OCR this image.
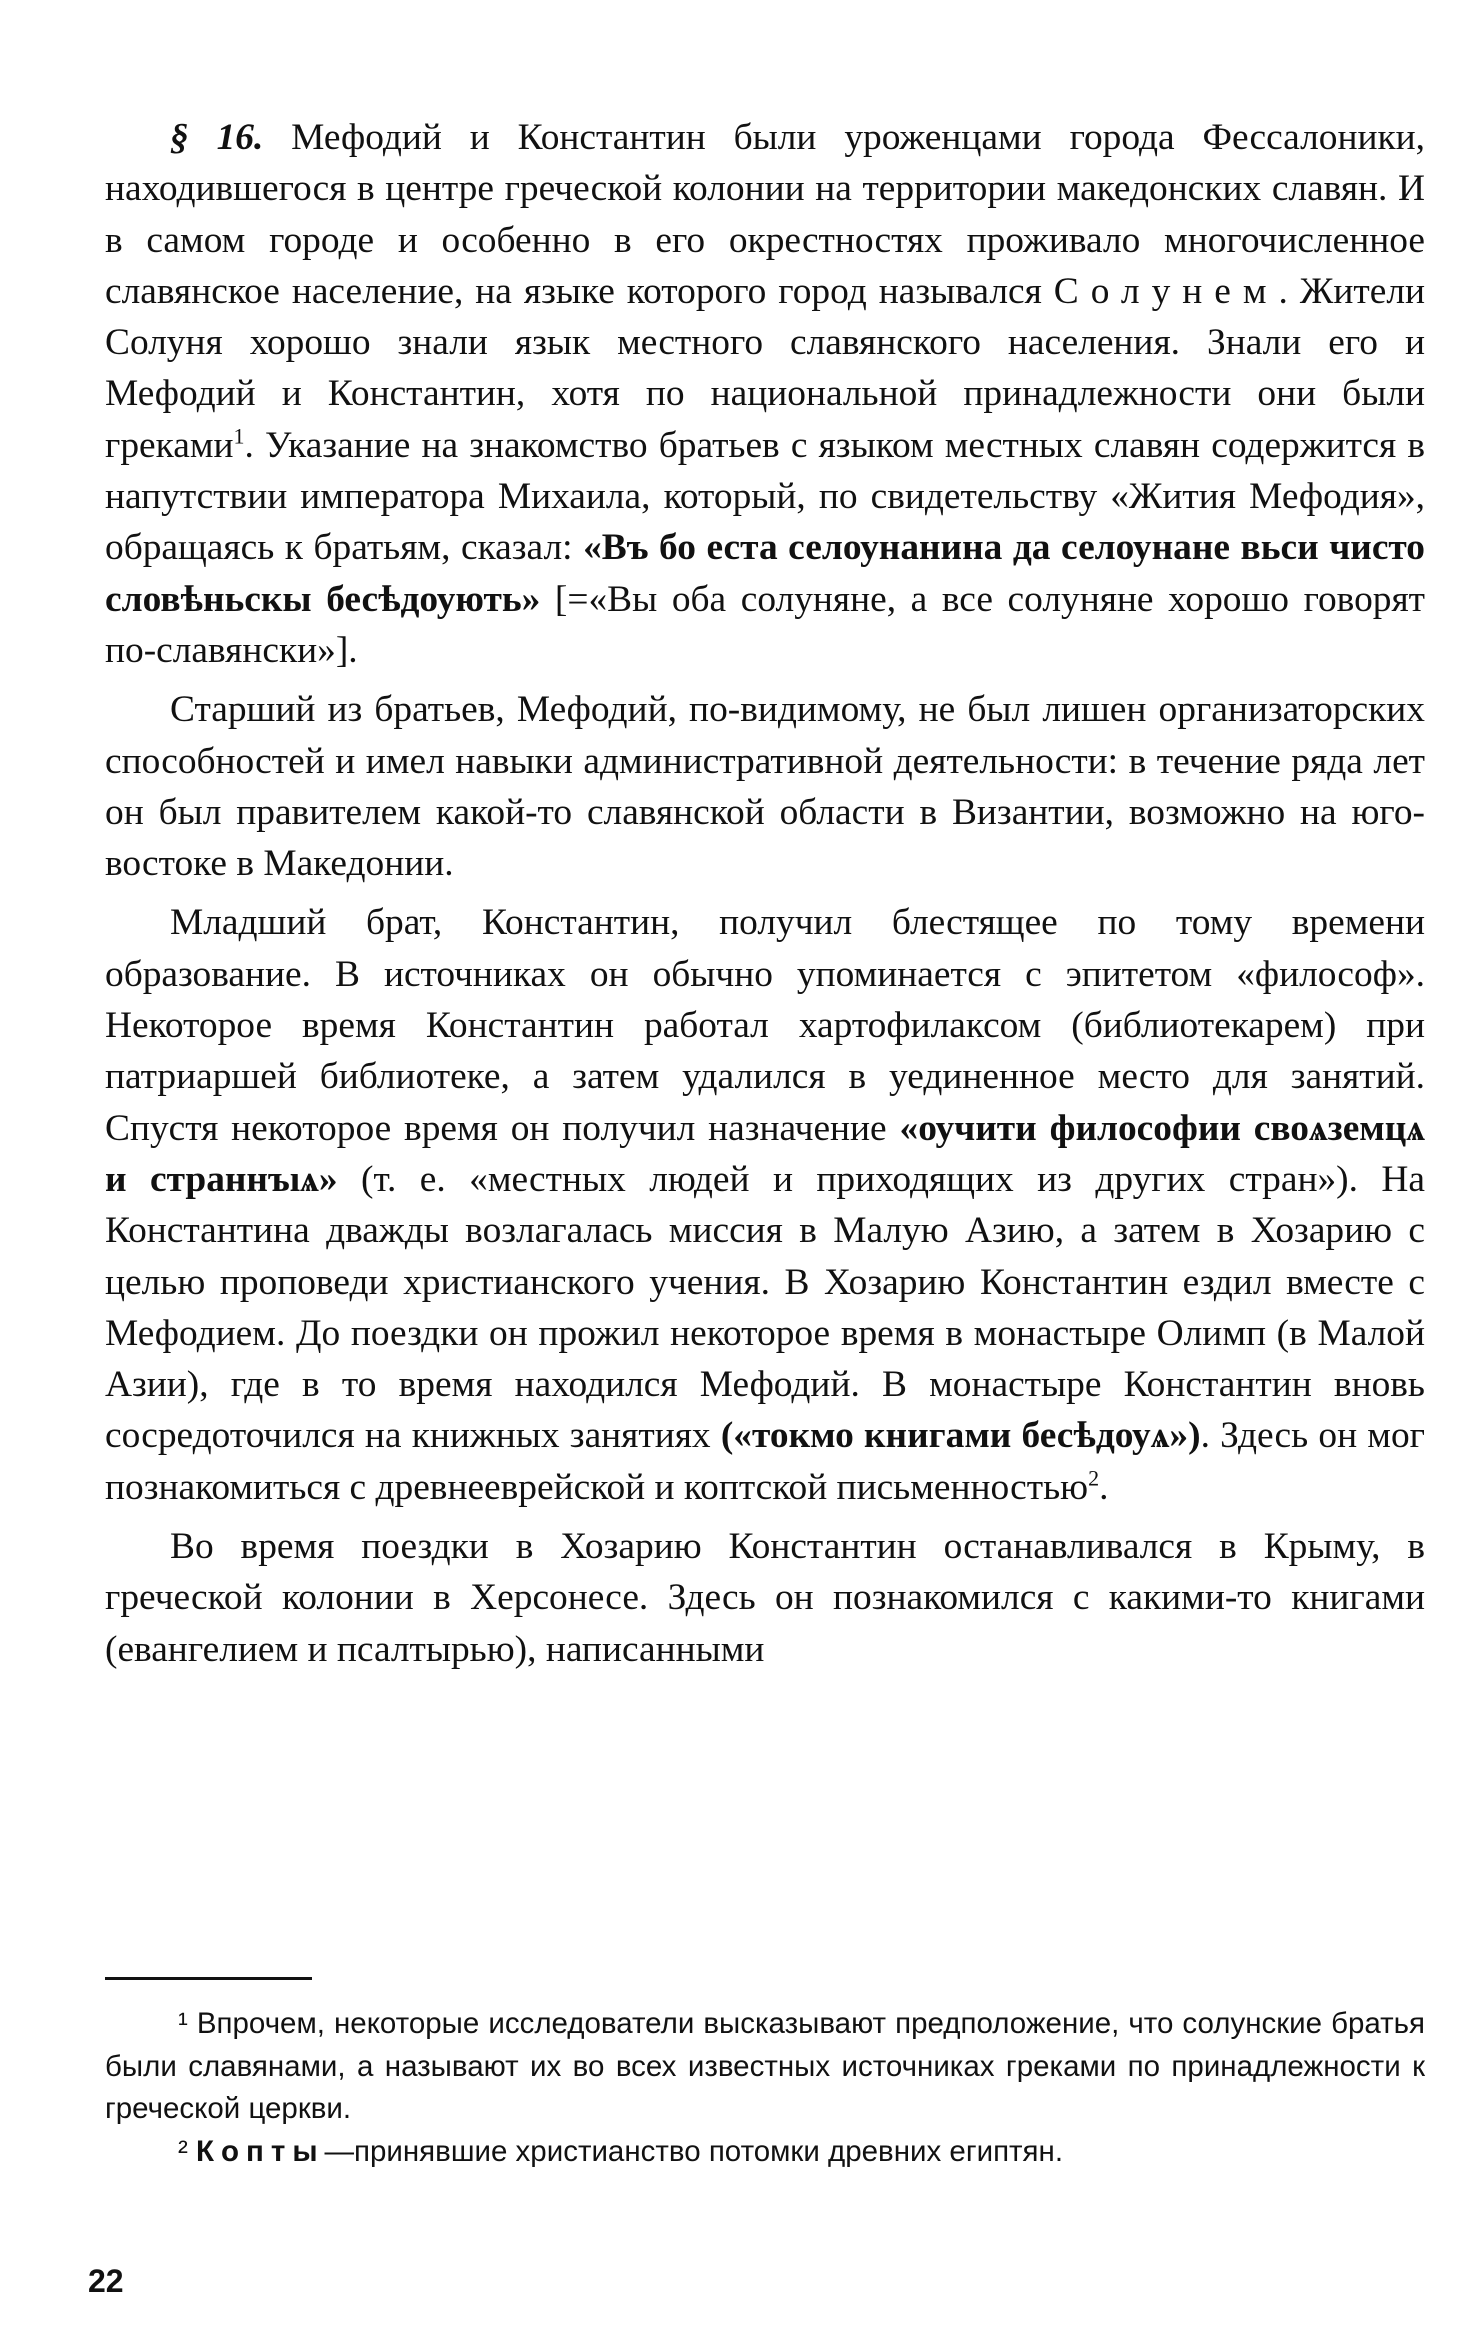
§ 16. Мефодий и Константин были уроженцами города Фессалоники, находившегося в центре греческой колонии на территории македонских славян. И в самом городе и особенно в его окрестностях проживало многочисленное славянское население, на языке которого город назывался Солунем. Жители Солуня хорошо знали язык местного славянского населения. Знали его и Мефодий и Константин, хотя по национальной принадлежности они были греками$^1$. Указание на знакомство братьев с языком местных славян содержится в напутствии императора Михаила, который, по свидетельству «Жития Мефодия», обращаясь к братьям, сказал: «Въ бо еста селоунанина да селоунане вьси чисто словѣньскы бесѣдоують» [=«Вы оба солуняне, а все солуняне хорошо говорят по-славянски»].

Старший из братьев, Мефодий, по-видимому, не был лишен организаторских способностей и имел навыки административной деятельности: в течение ряда лет он был правителем какой-то славянской области в Византии, возможно на юго-востоке в Македонии.

Младший брат, Константин, получил блестящее по тому времени образование. В источниках он обычно упоминается с эпитетом «философ». Некоторое время Константин работал хартофилаксом (библиотекарем) при патриаршей библиотеке, а затем удалился в уединенное место для занятий. Спустя некоторое время он получил назначение «оучити философии своѧземцѧ и страннъıѧ» (т. е. «местных людей и приходящих из других стран»). На Константина дважды возлагалась миссия в Малую Азию, а затем в Хозарию с целью проповеди христианского учения. В Хозарию Константин ездил вместе с Мефодием. До поездки он прожил некоторое время в монастыре Олимп (в Малой Азии), где в то время находился Мефодий. В монастыре Константин вновь сосредоточился на книжных занятиях («токмо книгами бесѣдоуѧ»). Здесь он мог познакомиться с древнееврейской и коптской письменностью$^2$.

Во время поездки в Хозарию Константин останавливался в Крыму, в греческой колонии в Херсонесе. Здесь он познакомился с какими-то книгами (евангелием и псалтырью), написанными

¹ Впрочем, некоторые исследователи высказывают предположение, что солунские братья были славянами, а называют их во всех известных источниках греками по принадлежности к греческой церкви.

² Копты—принявшие христианство потомки древних египтян.

22
